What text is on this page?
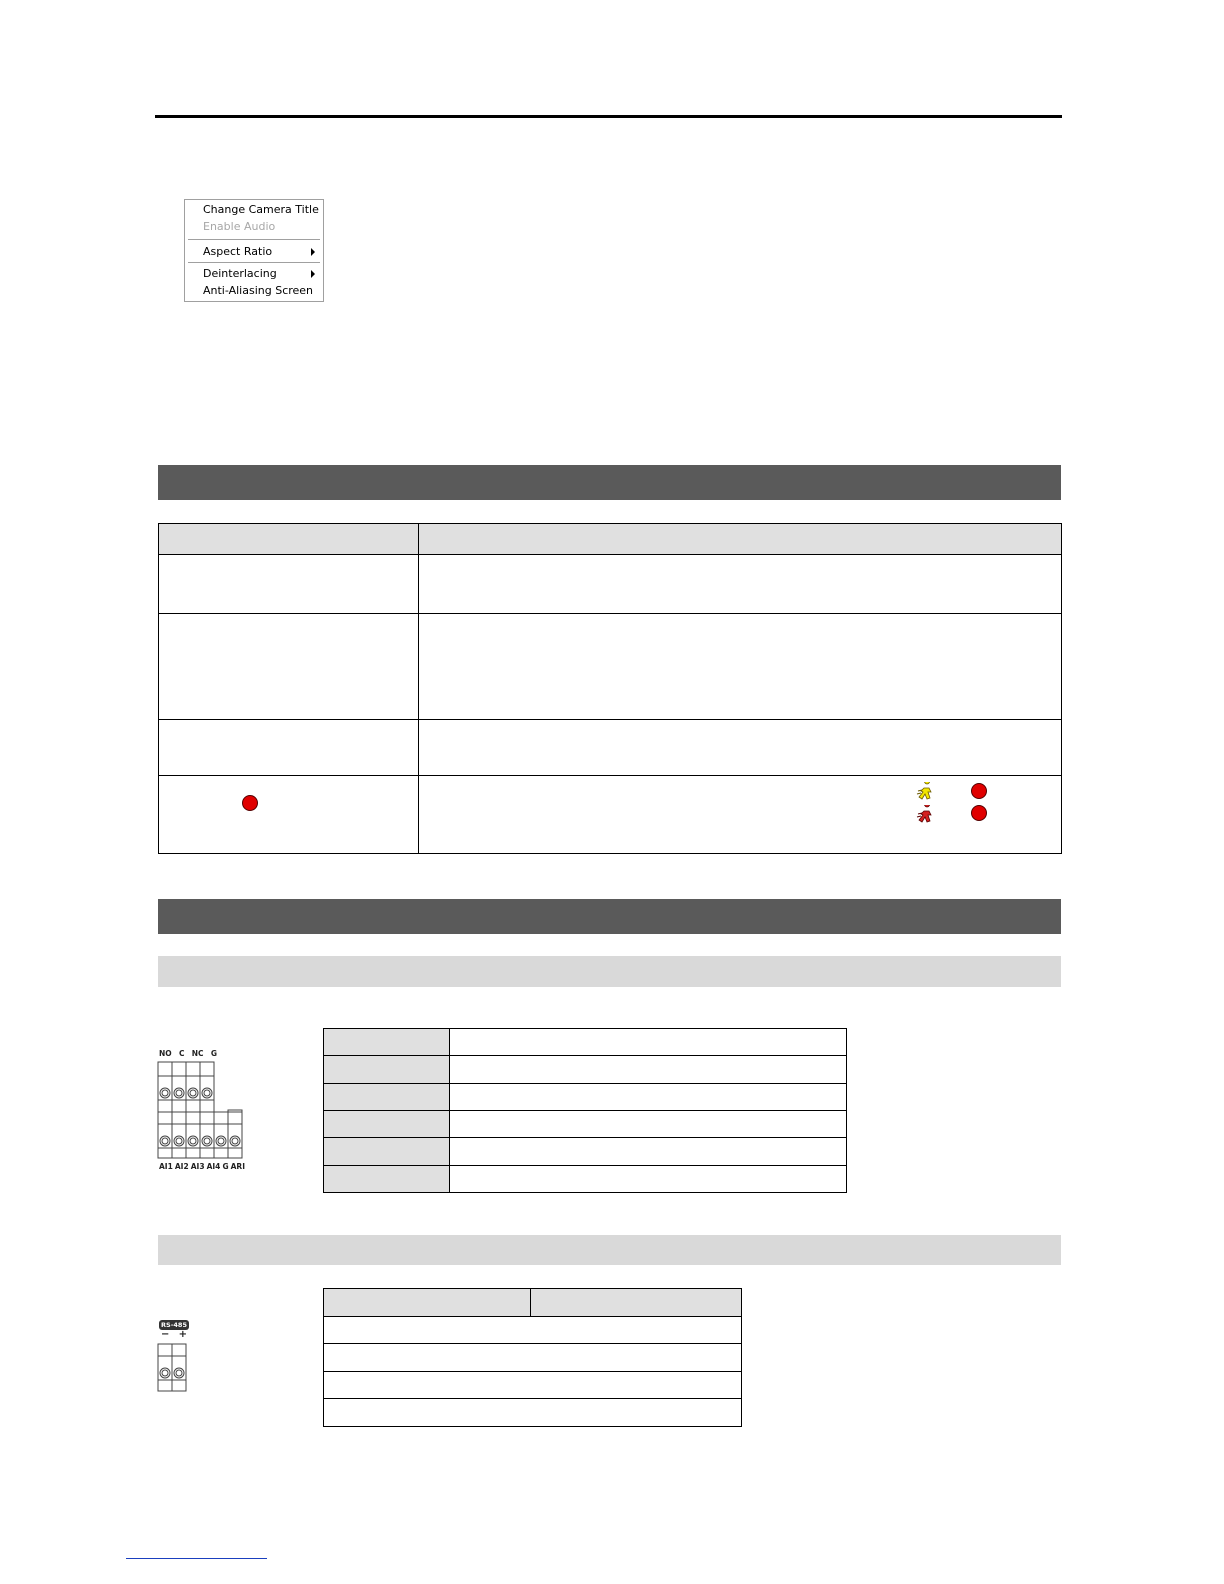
Change Camera Title
Enable Audio
Aspect Ratio
Deinterlacing
Anti-Aliasing Screen

NO C NC G
AI1 AI2 AI3 AI4 G ARI

RS-485
− +
